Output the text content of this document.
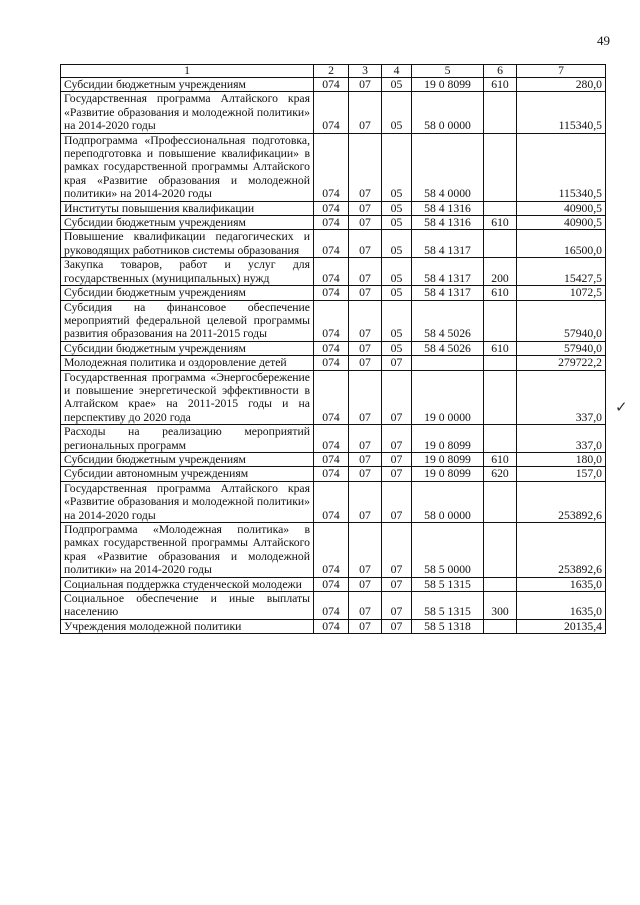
49
✓
1	2	3	4	5	6	7
Субсидии бюджетным учреждениям	074	07	05	19 0 8099	610	280,0
Государственная программа Алтайского края «Развитие образования и молодежной политики» на 2014-2020 годы	074	07	05	58 0 0000		115340,5
Подпрограмма «Профессиональная подготовка, переподготовка и повышение квалификации» в рамках государственной программы Алтайского края «Развитие образования и молодежной политики» на 2014-2020 годы	074	07	05	58 4 0000		115340,5
Институты повышения квалификации	074	07	05	58 4 1316		40900,5
Субсидии бюджетным учреждениям	074	07	05	58 4 1316	610	40900,5
Повышение квалификации педагогических и руководящих работников системы образования	074	07	05	58 4 1317		16500,0
Закупка товаров, работ и услуг для государственных (муниципальных) нужд	074	07	05	58 4 1317	200	15427,5
Субсидии бюджетным учреждениям	074	07	05	58 4 1317	610	1072,5
Субсидия на финансовое обеспечение мероприятий федеральной целевой программы развития образования на 2011-2015 годы	074	07	05	58 4 5026		57940,0
Субсидии бюджетным учреждениям	074	07	05	58 4 5026	610	57940,0
Молодежная политика и оздоровление детей	074	07	07			279722,2
Государственная программа «Энергосбережение и повышение энергетической эффективности в Алтайском крае» на 2011-2015 годы и на перспективу до 2020 года	074	07	07	19 0 0000		337,0
Расходы на реализацию мероприятий региональных программ	074	07	07	19 0 8099		337,0
Субсидии бюджетным учреждениям	074	07	07	19 0 8099	610	180,0
Субсидии автономным учреждениям	074	07	07	19 0 8099	620	157,0
Государственная программа Алтайского края «Развитие образования и молодежной политики» на 2014-2020 годы	074	07	07	58 0 0000		253892,6
Подпрограмма «Молодежная политика» в рамках государственной программы Алтайского края «Развитие образования и молодежной политики» на 2014-2020 годы	074	07	07	58 5 0000		253892,6
Социальная поддержка студенческой молодежи	074	07	07	58 5 1315		1635,0
Социальное обеспечение и иные выплаты населению	074	07	07	58 5 1315	300	1635,0
Учреждения молодежной политики	074	07	07	58 5 1318		20135,4
